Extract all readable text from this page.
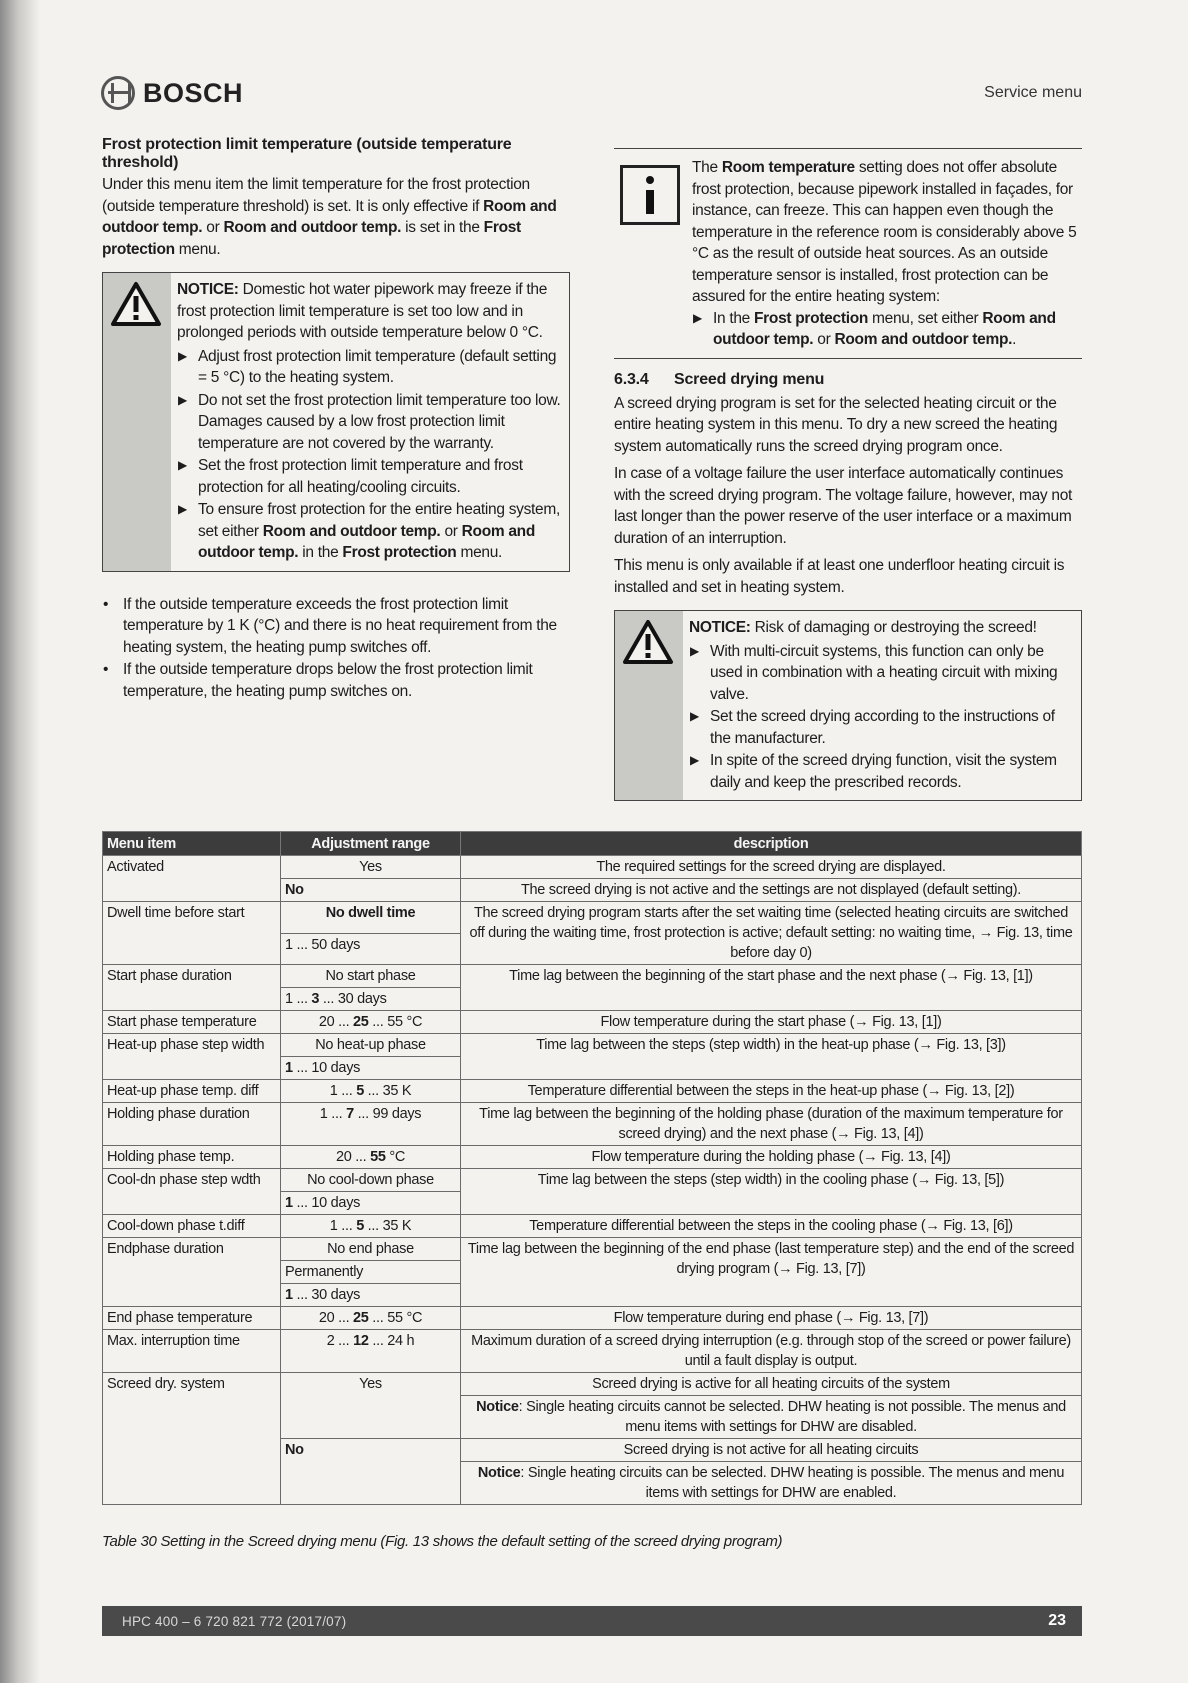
BOSCH	Service menu
Frost protection limit temperature (outside temperature threshold)

Under this menu item the limit temperature for the frost protection (outside temperature threshold) is set. It is only effective if Room and outdoor temp. or Room and outdoor temp. is set in the Frost protection menu.

NOTICE: Domestic hot water pipework may freeze if the frost protection limit temperature is set too low and in prolonged periods with outside temperature below 0 °C.
▶ Adjust frost protection limit temperature (default setting = 5 °C) to the heating system.
▶ Do not set the frost protection limit temperature too low. Damages caused by a low frost protection limit temperature are not covered by the warranty.
▶ Set the frost protection limit temperature and frost protection for all heating/cooling circuits.
▶ To ensure frost protection for the entire heating system, set either Room and outdoor temp. or Room and outdoor temp. in the Frost protection menu.
• If the outside temperature exceeds the frost protection limit temperature by 1 K (°C) and there is no heat requirement from the heating system, the heating pump switches off.
• If the outside temperature drops below the frost protection limit temperature, the heating pump switches on.
The Room temperature setting does not offer absolute frost protection, because pipework installed in façades, for instance, can freeze. This can happen even though the temperature in the reference room is considerably above 5 °C as the result of outside heat sources. As an outside temperature sensor is installed, frost protection can be assured for the entire heating system:
▶ In the Frost protection menu, set either Room and outdoor temp. or Room and outdoor temp..
6.3.4 Screed drying menu

A screed drying program is set for the selected heating circuit or the entire heating system in this menu. To dry a new screed the heating system automatically runs the screed drying program once.

In case of a voltage failure the user interface automatically continues with the screed drying program. The voltage failure, however, may not last longer than the power reserve of the user interface or a maximum duration of an interruption.

This menu is only available if at least one underfloor heating circuit is installed and set in heating system.

NOTICE: Risk of damaging or destroying the screed!
▶ With multi-circuit systems, this function can only be used in combination with a heating circuit with mixing valve.
▶ Set the screed drying according to the instructions of the manufacturer.
▶ In spite of the screed drying function, visit the system daily and keep the prescribed records.
Menu item	Adjustment range	description
Activated	Yes	The required settings for the screed drying are displayed.
	No	The screed drying is not active and the settings are not displayed (default setting).
Dwell time before start	No dwell time	The screed drying program starts after the set waiting time (selected heating circuits are switched off during the waiting time, frost protection is active; default setting: no waiting time, → Fig. 13, time before day 0)
	1 ... 50 days	
Start phase duration	No start phase	Time lag between the beginning of the start phase and the next phase (→ Fig. 13, [1])
	1 ... 3 ... 30 days	
Start phase temperature	20 ... 25 ... 55 °C	Flow temperature during the start phase (→ Fig. 13, [1])
Heat-up phase step width	No heat-up phase	Time lag between the steps (step width) in the heat-up phase (→ Fig. 13, [3])
	1 ... 10 days	
Heat-up phase temp. diff	1 ... 5 ... 35 K	Temperature differential between the steps in the heat-up phase (→ Fig. 13, [2])
Holding phase duration	1 ... 7 ... 99 days	Time lag between the beginning of the holding phase (duration of the maximum temperature for screed drying) and the next phase (→ Fig. 13, [4])
Holding phase temp.	20 ... 55 °C	Flow temperature during the holding phase (→ Fig. 13, [4])
Cool-dn phase step wdth	No cool-down phase	Time lag between the steps (step width) in the cooling phase (→ Fig. 13, [5])
	1 ... 10 days	
Cool-down phase t.diff	1 ... 5 ... 35 K	Temperature differential between the steps in the cooling phase (→ Fig. 13, [6])
Endphase duration	No end phase	Time lag between the beginning of the end phase (last temperature step) and the end of the screed drying program (→ Fig. 13, [7])
	Permanently	
	1 ... 30 days	
End phase temperature	20 ... 25 ... 55 °C	Flow temperature during end phase (→ Fig. 13, [7])
Max. interruption time	2 ... 12 ... 24 h	Maximum duration of a screed drying interruption (e.g. through stop of the screed or power failure) until a fault display is output.
Screed dry. system	Yes	Screed drying is active for all heating circuits of the system
		Notice: Single heating circuits cannot be selected. DHW heating is not possible. The menus and menu items with settings for DHW are disabled.
	No	Screed drying is not active for all heating circuits
		Notice: Single heating circuits can be selected. DHW heating is possible. The menus and menu items with settings for DHW are enabled.
Table 30 Setting in the Screed drying menu (Fig. 13 shows the default setting of the screed drying program)
HPC 400 – 6 720 821 772 (2017/07)	23
